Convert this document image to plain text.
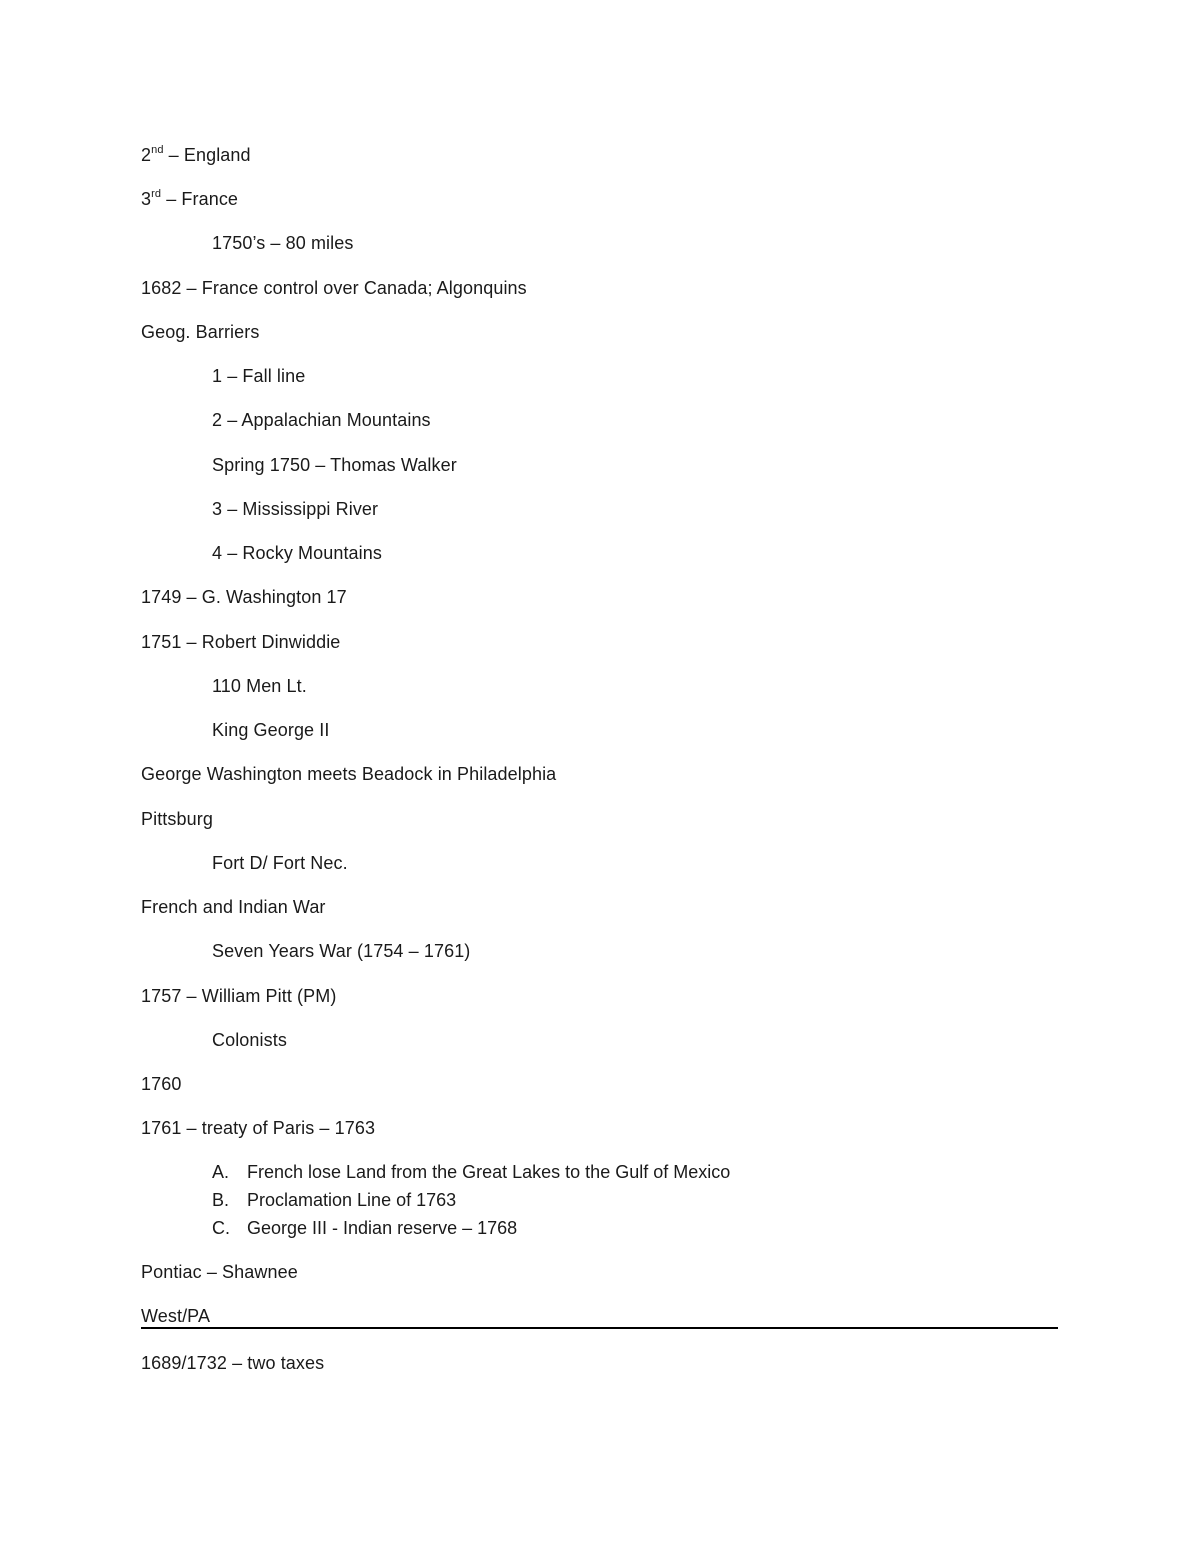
2nd – England
3rd – France
1750’s – 80 miles
1682 – France control over Canada; Algonquins
Geog. Barriers
1 – Fall line
2 – Appalachian Mountains
Spring 1750 – Thomas Walker
3 – Mississippi River
4 – Rocky Mountains
1749 – G. Washington 17
1751 – Robert Dinwiddie
110 Men Lt.
King George II
George Washington meets Beadock in Philadelphia
Pittsburg
Fort D/ Fort Nec.
French and Indian War
Seven Years War (1754 – 1761)
1757 – William Pitt (PM)
Colonists
1760
1761 – treaty of Paris – 1763
A. French lose Land from the Great Lakes to the Gulf of Mexico
B. Proclamation Line of 1763
C. George III - Indian reserve – 1768
Pontiac – Shawnee
West/PA
1689/1732 – two taxes
